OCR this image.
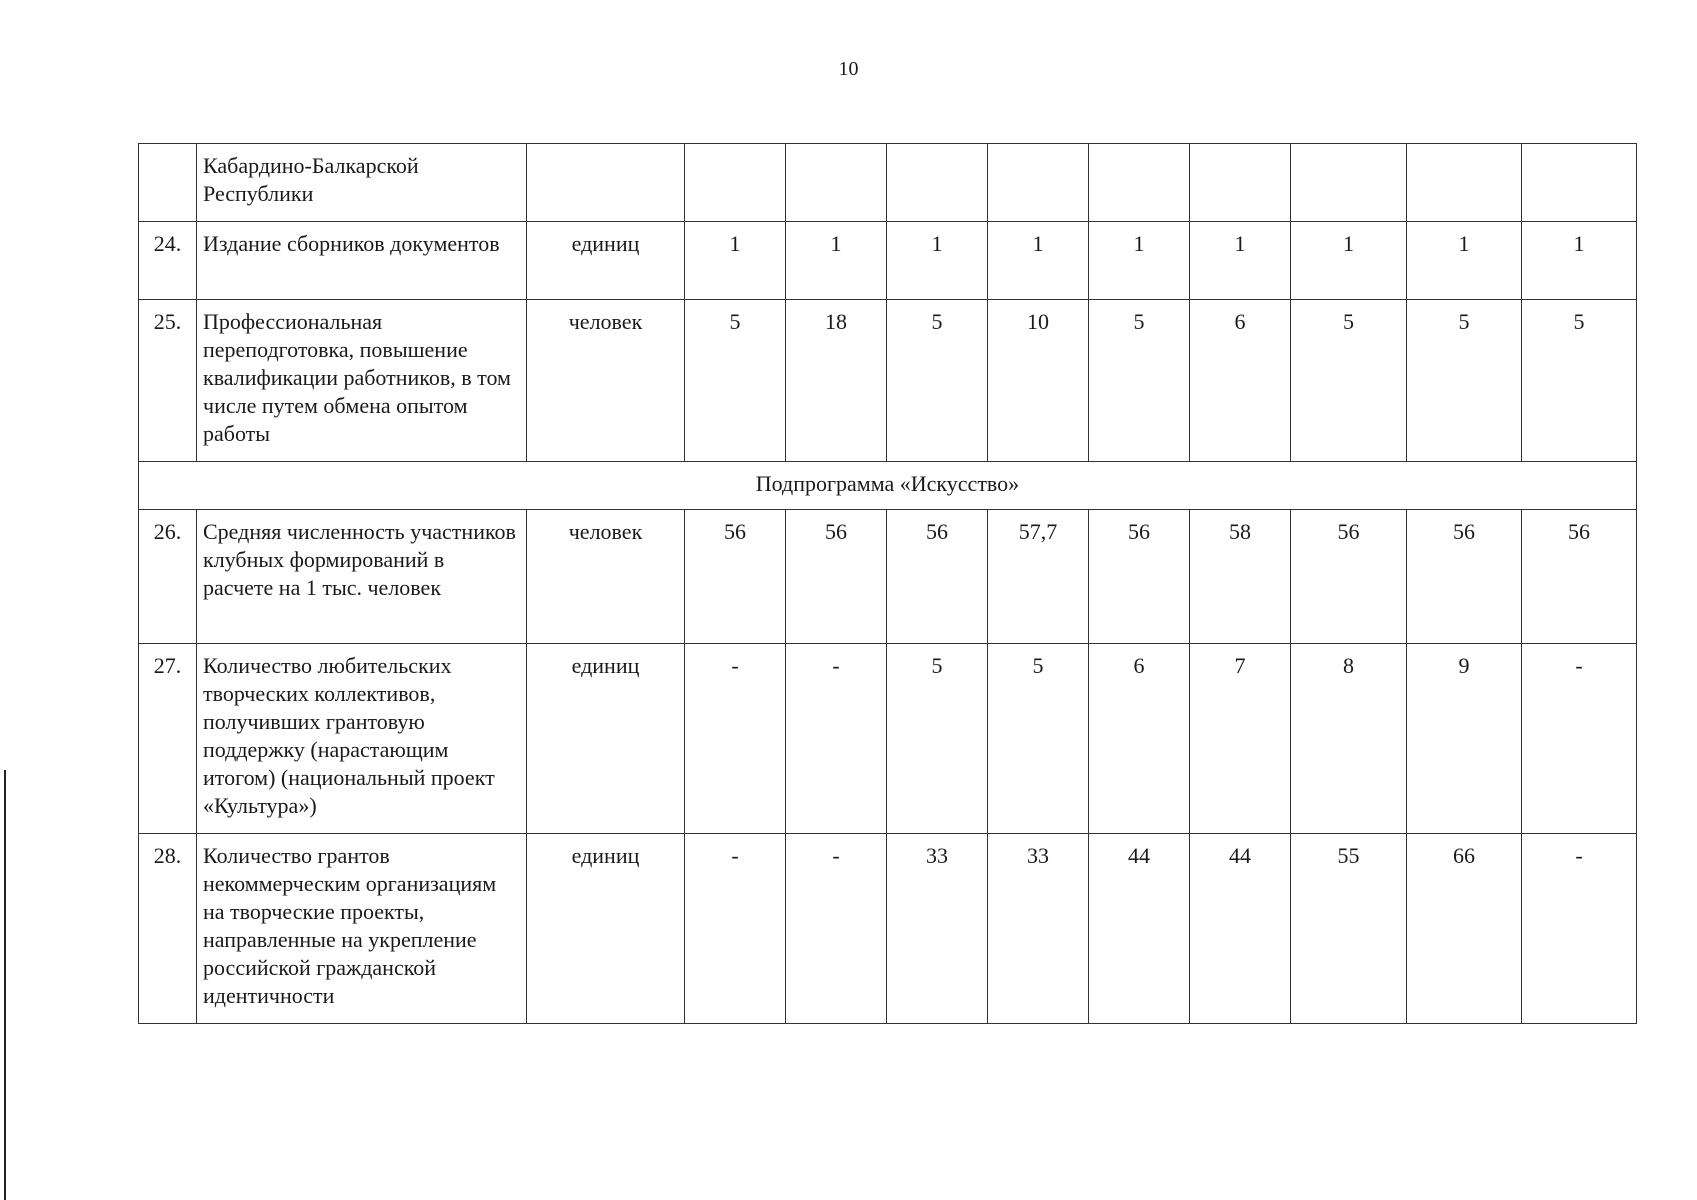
10
	Кабардино-Балкарской Республики										
24.	Издание сборников документов	единиц	1	1	1	1	1	1	1	1	1
25.	Профессиональная переподготовка, повышение квалификации работников, в том числе путем обмена опытом работы	человек	5	18	5	10	5	6	5	5	5
Подпрограмма «Искусство»											
26.	Средняя численность участников клубных формирований в расчете на 1 тыс. человек	человек	56	56	56	57,7	56	58	56	56	56
27.	Количество любительских творческих коллективов, получивших грантовую поддержку (нарастающим итогом) (национальный проект «Культура»)	единиц	-	-	5	5	6	7	8	9	-
28.	Количество грантов некоммерческим организациям на творческие проекты, направленные на укрепление российской гражданской идентичности	единиц	-	-	33	33	44	44	55	66	-
